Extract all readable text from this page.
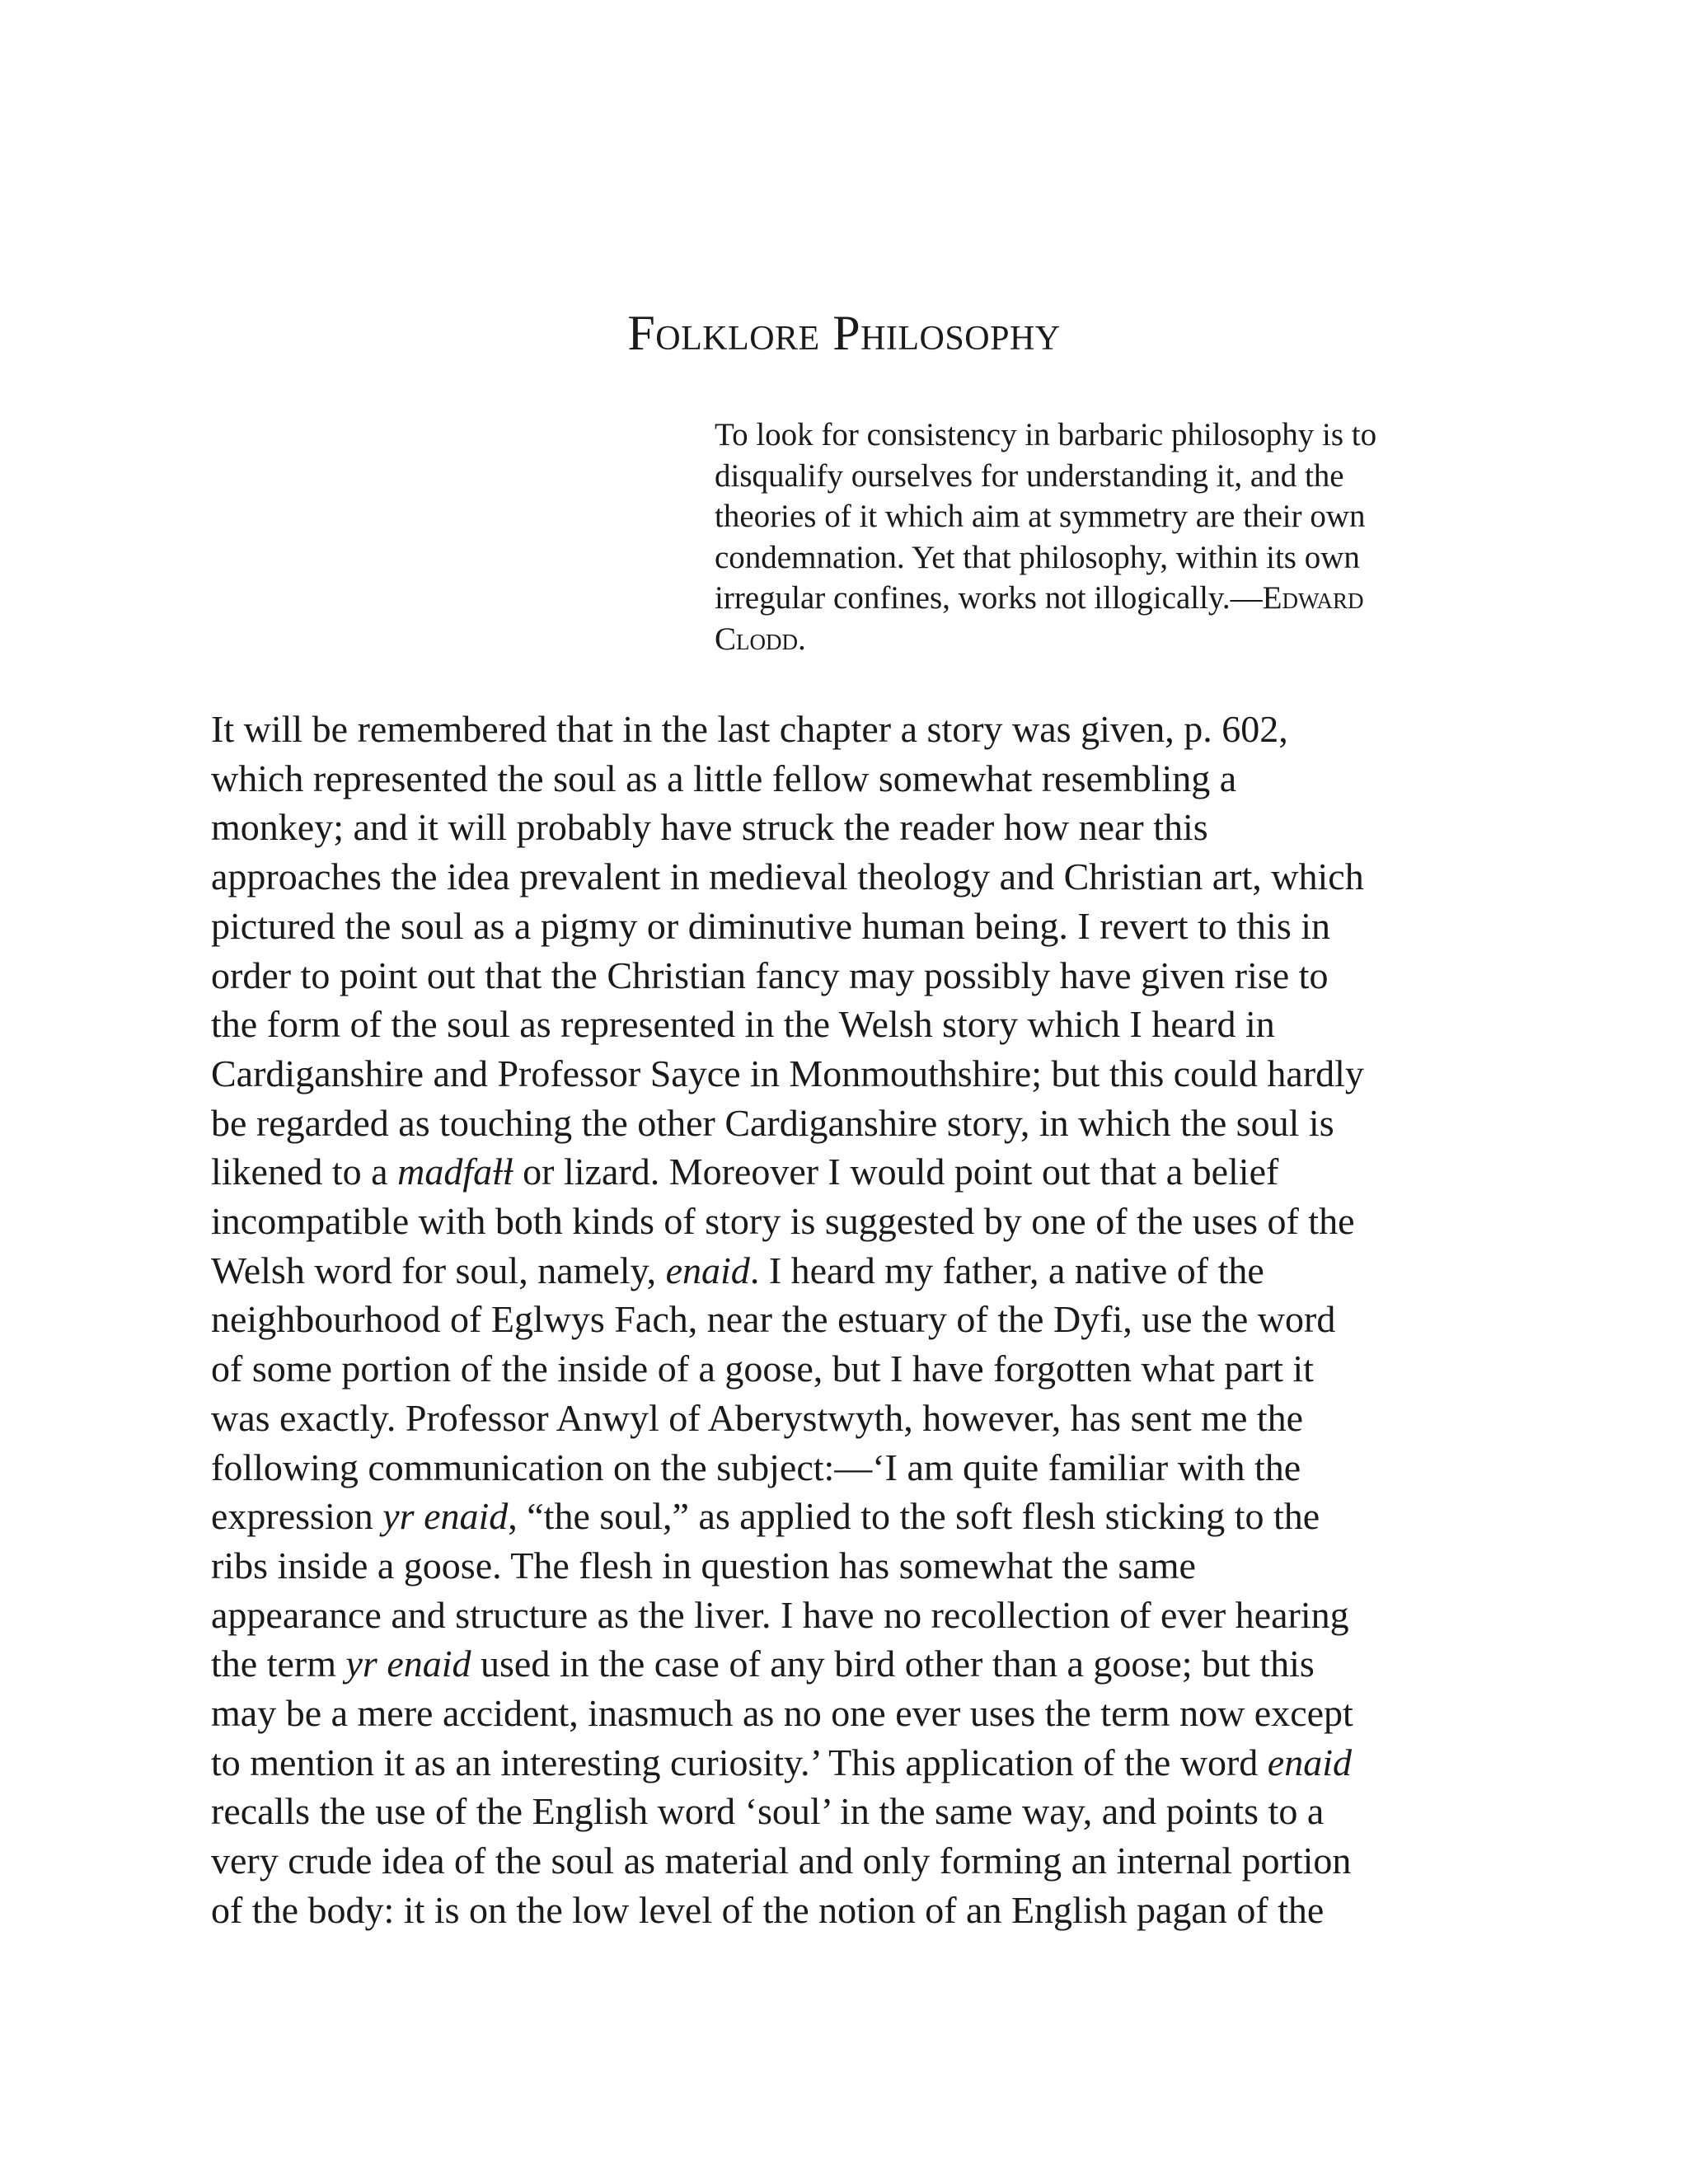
Folklore Philosophy

To look for consistency in barbaric philosophy is to
disqualify ourselves for understanding it, and the
theories of it which aim at symmetry are their own
condemnation. Yet that philosophy, within its own
irregular confines, works not illogically.—Edward
Clodd.

It will be remembered that in the last chapter a story was given, p. 602,
which represented the soul as a little fellow somewhat resembling a
monkey; and it will probably have struck the reader how near this
approaches the idea prevalent in medieval theology and Christian art, which
pictured the soul as a pigmy or diminutive human being. I revert to this in
order to point out that the Christian fancy may possibly have given rise to
the form of the soul as represented in the Welsh story which I heard in
Cardiganshire and Professor Sayce in Monmouthshire; but this could hardly
be regarded as touching the other Cardiganshire story, in which the soul is
likened to a madfaƚƚ or lizard. Moreover I would point out that a belief
incompatible with both kinds of story is suggested by one of the uses of the
Welsh word for soul, namely, enaid. I heard my father, a native of the
neighbourhood of Eglwys Fach, near the estuary of the Dyfi, use the word
of some portion of the inside of a goose, but I have forgotten what part it
was exactly. Professor Anwyl of Aberystwyth, however, has sent me the
following communication on the subject:—‘I am quite familiar with the
expression yr enaid, “the soul,” as applied to the soft flesh sticking to the
ribs inside a goose. The flesh in question has somewhat the same
appearance and structure as the liver. I have no recollection of ever hearing
the term yr enaid used in the case of any bird other than a goose; but this
may be a mere accident, inasmuch as no one ever uses the term now except
to mention it as an interesting curiosity.’ This application of the word enaid
recalls the use of the English word ‘soul’ in the same way, and points to a
very crude idea of the soul as material and only forming an internal portion
of the body: it is on the low level of the notion of an English pagan of the
